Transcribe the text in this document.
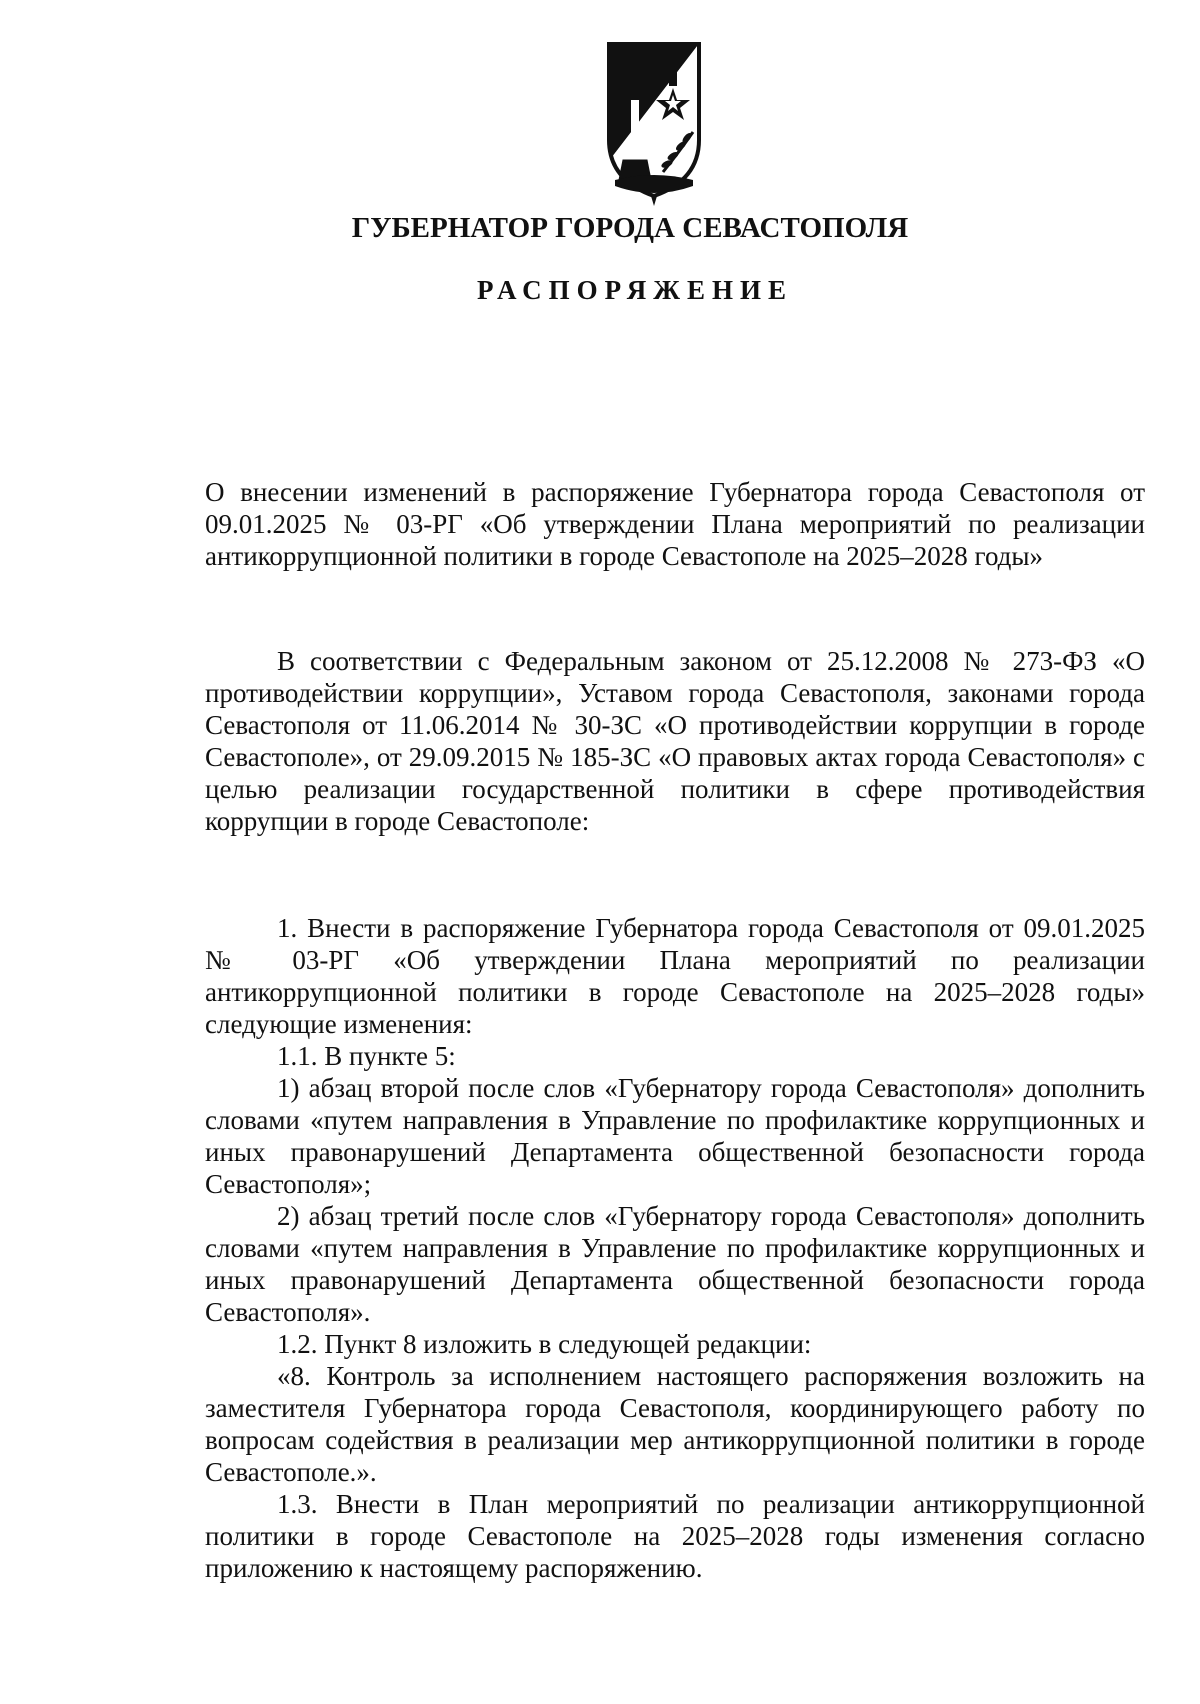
ГУБЕРНАТОР ГОРОДА СЕВАСТОПОЛЯ
РАСПОРЯЖЕНИЕ

О внесении изменений в распоряжение Губернатора города Севастополя от 09.01.2025 № 03-РГ «Об утверждении Плана мероприятий по реализации антикоррупционной политики в городе Севастополе на 2025–2028 годы»

В соответствии с Федеральным законом от 25.12.2008 № 273-ФЗ «О противодействии коррупции», Уставом города Севастополя, законами города Севастополя от 11.06.2014 № 30-ЗС «О противодействии коррупции в городе Севастополе», от 29.09.2015 № 185-ЗС «О правовых актах города Севастополя» с целью реализации государственной политики в сфере противодействия коррупции в городе Севастополе:

1. Внести в распоряжение Губернатора города Севастополя от 09.01.2025 № 03-РГ «Об утверждении Плана мероприятий по реализации антикоррупционной политики в городе Севастополе на 2025–2028 годы» следующие изменения:

1.1. В пункте 5:

1) абзац второй после слов «Губернатору города Севастополя» дополнить словами «путем направления в Управление по профилактике коррупционных и иных правонарушений Департамента общественной безопасности города Севастополя»;

2) абзац третий после слов «Губернатору города Севастополя» дополнить словами «путем направления в Управление по профилактике коррупционных и иных правонарушений Департамента общественной безопасности города Севастополя».

1.2. Пункт 8 изложить в следующей редакции:

«8. Контроль за исполнением настоящего распоряжения возложить на заместителя Губернатора города Севастополя, координирующего работу по вопросам содействия в реализации мер антикоррупционной политики в городе Севастополе.».

1.3. Внести в План мероприятий по реализации антикоррупционной политики в городе Севастополе на 2025–2028 годы изменения согласно приложению к настоящему распоряжению.
